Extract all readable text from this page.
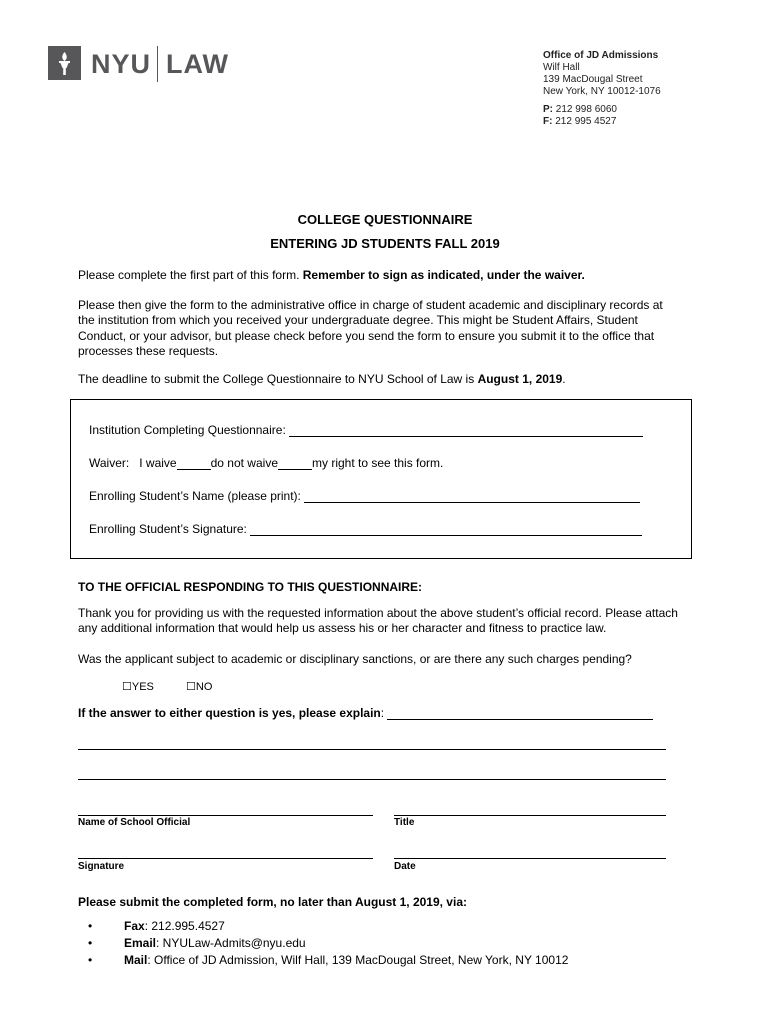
NYU LAW	Office of JD Admissions
Wilf Hall
139 MacDougal Street
New York, NY 10012-1076
P: 212 998 6060
F: 212 995 4527
COLLEGE QUESTIONNAIRE
ENTERING JD STUDENTS FALL 2019
Please complete the first part of this form. Remember to sign as indicated, under the waiver.
Please then give the form to the administrative office in charge of student academic and disciplinary records at the institution from which you received your undergraduate degree. This might be Student Affairs, Student Conduct, or your advisor, but please check before you send the form to ensure you submit it to the office that processes these requests.
The deadline to submit the College Questionnaire to NYU School of Law is August 1, 2019.
Institution Completing Questionnaire:
Waiver: I waive	do not waive	my right to see this form.
Enrolling Student’s Name (please print):
Enrolling Student’s Signature:
TO THE OFFICIAL RESPONDING TO THIS QUESTIONNAIRE:
Thank you for providing us with the requested information about the above student’s official record. Please attach any additional information that would help us assess his or her character and fitness to practice law.
Was the applicant subject to academic or disciplinary sanctions, or are there any such charges pending?
☐YES	☐NO
If the answer to either question is yes, please explain:
Name of School Official	Title
Signature	Date
Please submit the completed form, no later than August 1, 2019, via:
•	Fax: 212.995.4527
•	Email: NYULaw-Admits@nyu.edu
•	Mail: Office of JD Admission, Wilf Hall, 139 MacDougal Street, New York, NY 10012
